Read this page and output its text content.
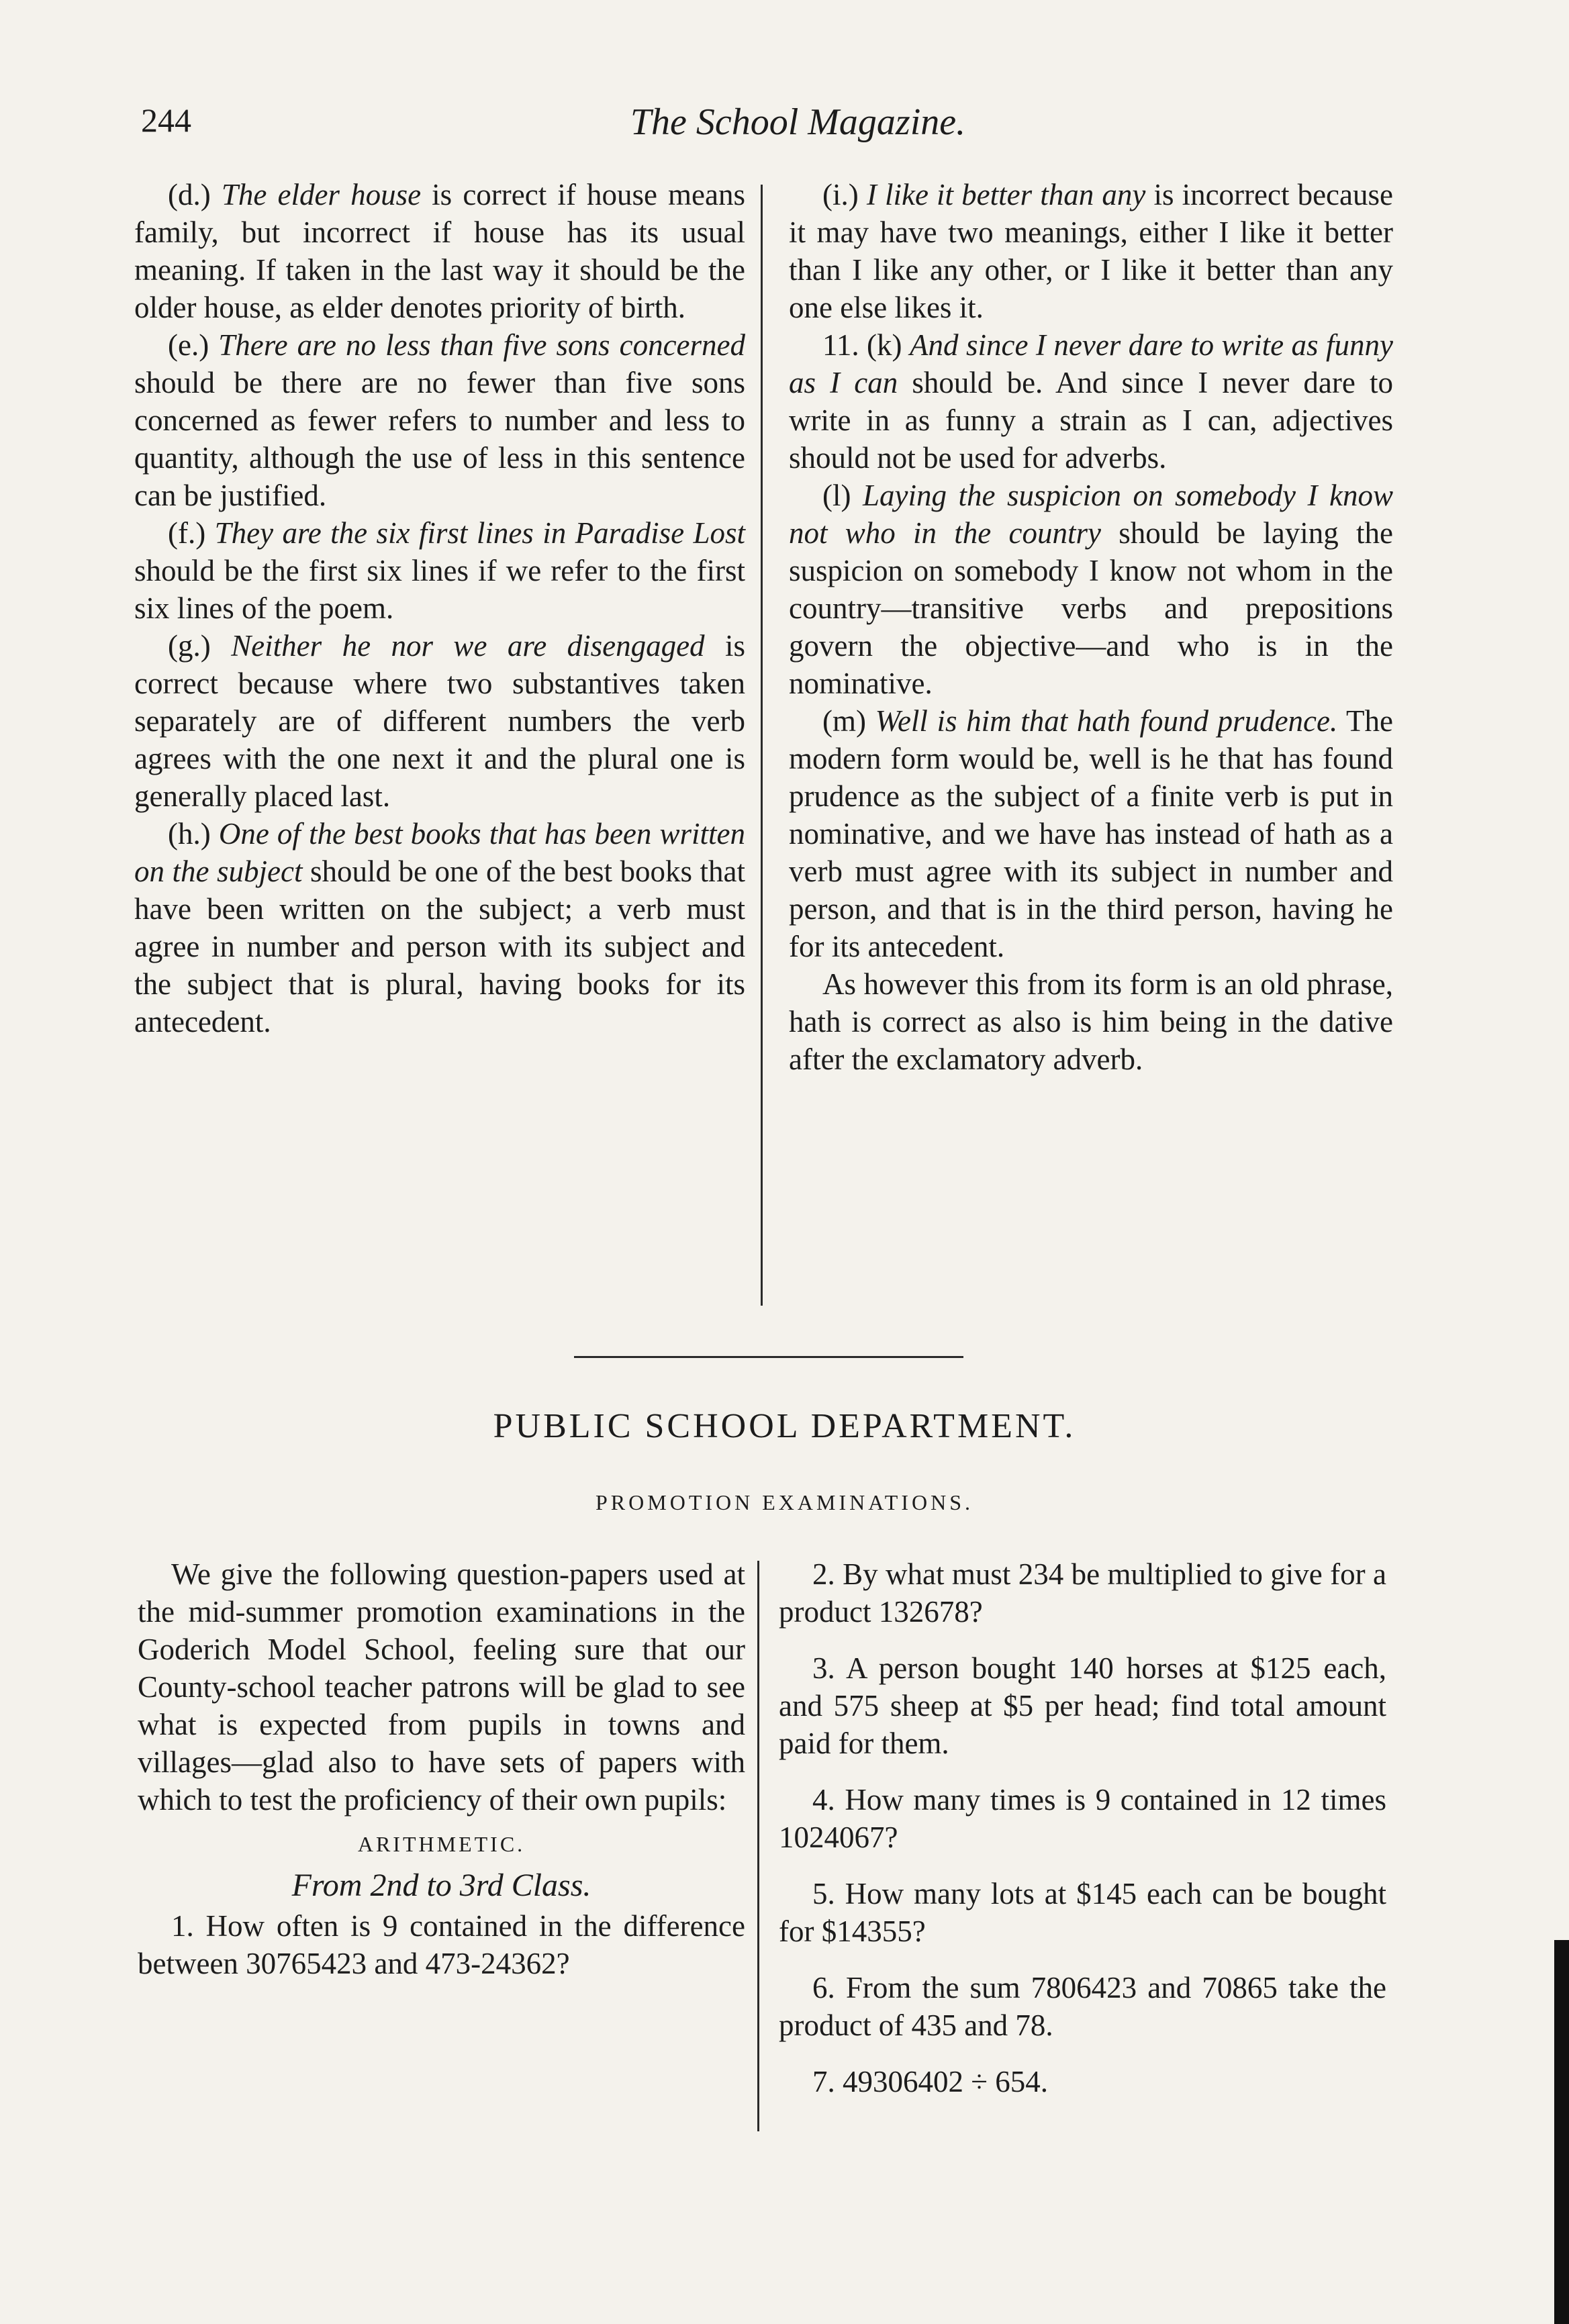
244	The School Magazine.

(d.) The elder house is correct if house means family, but incorrect if house has its usual meaning. If taken in the last way it should be the older house, as elder denotes priority of birth.

(e.) There are no less than five sons concerned should be there are no fewer than five sons concerned as fewer refers to number and less to quantity, although the use of less in this sentence can be justified.

(f.) They are the six first lines in Paradise Lost should be the first six lines if we refer to the first six lines of the poem.

(g.) Neither he nor we are disengaged is correct because where two substantives taken separately are of different numbers the verb agrees with the one next it and the plural one is generally placed last.

(h.) One of the best books that has been written on the subject should be one of the best books that have been written on the subject; a verb must agree in number and person with its subject and the subject that is plural, having books for its antecedent.

(i.) I like it better than any is incorrect because it may have two meanings, either I like it better than I like any other, or I like it better than any one else likes it.

11. (k) And since I never dare to write as funny as I can should be. And since I never dare to write in as funny a strain as I can, adjectives should not be used for adverbs.

(l) Laying the suspicion on somebody I know not who in the country should be laying the suspicion on somebody I know not whom in the country—transitive verbs and prepositions govern the objective—and who is in the nominative.

(m) Well is him that hath found prudence. The modern form would be, well is he that has found prudence as the subject of a finite verb is put in nominative, and we have has instead of hath as a verb must agree with its subject in number and person, and that is in the third person, having he for its antecedent.

As however this from its form is an old phrase, hath is correct as also is him being in the dative after the exclamatory adverb.

PUBLIC SCHOOL DEPARTMENT.
PROMOTION EXAMINATIONS.

We give the following question-papers used at the mid-summer promotion examinations in the Goderich Model School, feeling sure that our County-school teacher patrons will be glad to see what is expected from pupils in towns and villages—glad also to have sets of papers with which to test the proficiency of their own pupils:

ARITHMETIC.

From 2nd to 3rd Class.

1. How often is 9 contained in the difference between 30765423 and 473-24362?

2. By what must 234 be multiplied to give for a product 132678?

3. A person bought 140 horses at $125 each, and 575 sheep at $5 per head; find total amount paid for them.

4. How many times is 9 contained in 12 times 1024067?

5. How many lots at $145 each can be bought for $14355?

6. From the sum 7806423 and 70865 take the product of 435 and 78.

7. 49306402 ÷ 654.
